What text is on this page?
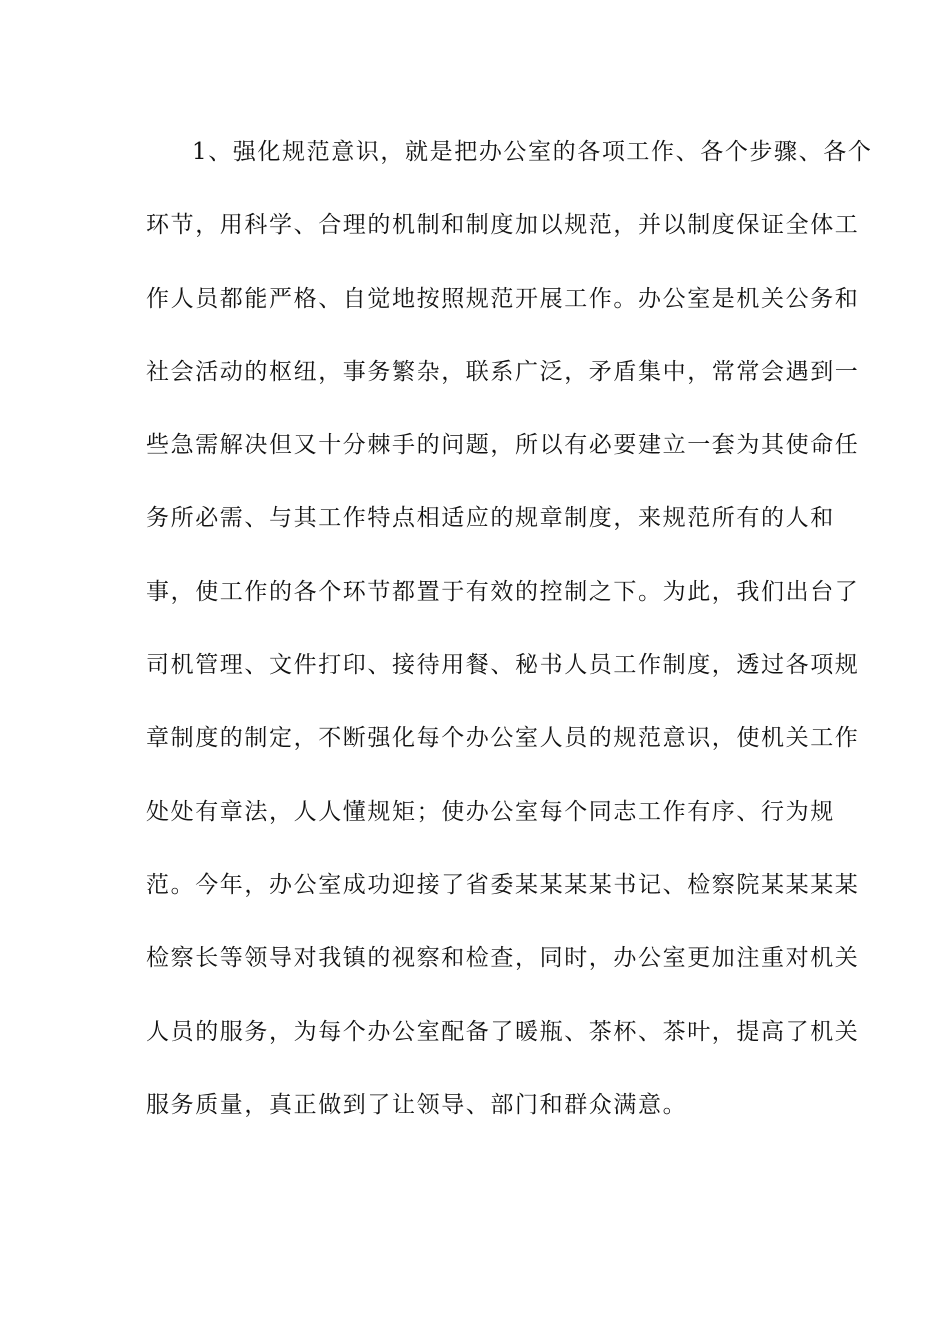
1、强化规范意识，就是把办公室的各项工作、各个步骤、各个
环节，用科学、合理的机制和制度加以规范，并以制度保证全体工
作人员都能严格、自觉地按照规范开展工作。办公室是机关公务和
社会活动的枢纽，事务繁杂，联系广泛，矛盾集中，常常会遇到一
些急需解决但又十分棘手的问题，所以有必要建立一套为其使命任
务所必需、与其工作特点相适应的规章制度，来规范所有的人和
事，使工作的各个环节都置于有效的控制之下。为此，我们出台了
司机管理、文件打印、接待用餐、秘书人员工作制度，透过各项规
章制度的制定，不断强化每个办公室人员的规范意识，使机关工作
处处有章法，人人懂规矩；使办公室每个同志工作有序、行为规
范。今年，办公室成功迎接了省委某某某某书记、检察院某某某某
检察长等领导对我镇的视察和检查，同时，办公室更加注重对机关
人员的服务，为每个办公室配备了暖瓶、茶杯、茶叶，提高了机关
服务质量，真正做到了让领导、部门和群众满意。
